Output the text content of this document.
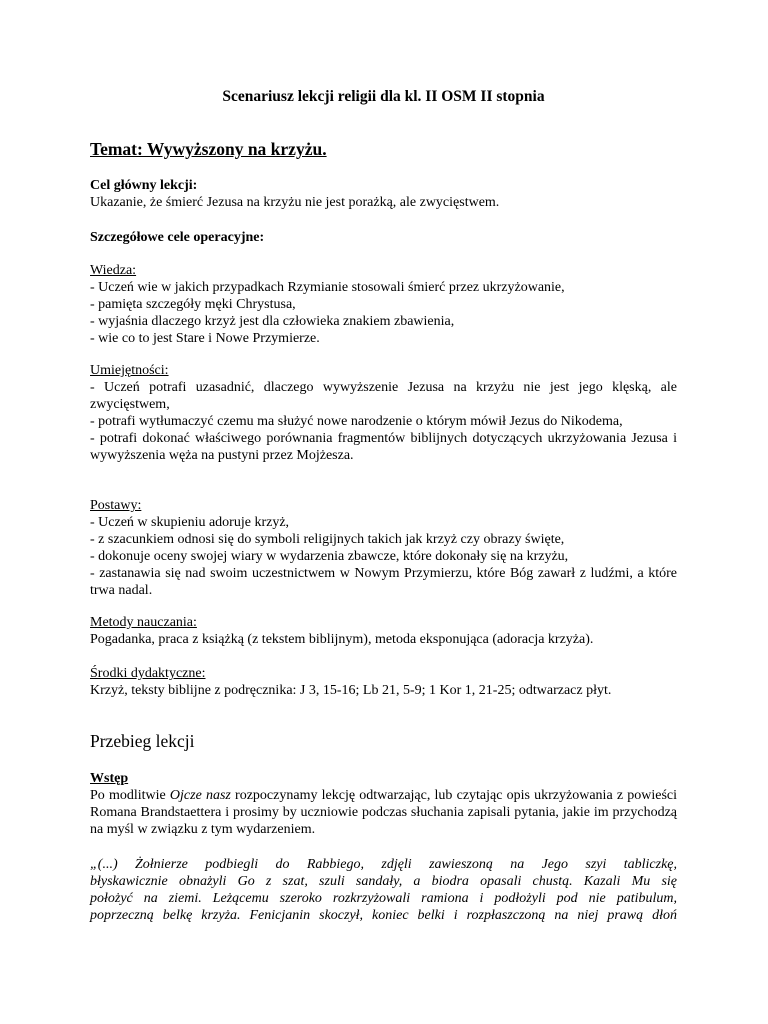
Scenariusz lekcji religii dla kl. II OSM II stopnia
Temat: Wywyższony na krzyżu.
Cel główny lekcji:
Ukazanie, że śmierć Jezusa na krzyżu nie jest porażką, ale zwycięstwem.
Szczegółowe cele operacyjne:
Wiedza:
- Uczeń wie w jakich przypadkach Rzymianie stosowali śmierć przez ukrzyżowanie,
- pamięta szczegóły męki Chrystusa,
- wyjaśnia dlaczego krzyż jest dla człowieka znakiem zbawienia,
- wie co to jest Stare i Nowe Przymierze.
Umiejętności:
- Uczeń potrafi uzasadnić, dlaczego wywyższenie Jezusa na krzyżu nie jest jego klęską, ale zwycięstwem,
- potrafi wytłumaczyć czemu ma służyć nowe narodzenie o którym mówił Jezus do Nikodema,
- potrafi dokonać właściwego porównania fragmentów biblijnych dotyczących ukrzyżowania Jezusa i wywyższenia węża na pustyni przez Mojżesza.
Postawy:
- Uczeń w skupieniu adoruje krzyż,
- z szacunkiem odnosi się do symboli religijnych takich jak krzyż czy obrazy święte,
- dokonuje oceny swojej wiary w wydarzenia zbawcze, które dokonały się na krzyżu,
- zastanawia się nad swoim uczestnictwem w Nowym Przymierzu, które Bóg zawarł z ludźmi, a które trwa nadal.
Metody nauczania:
Pogadanka, praca z książką (z tekstem biblijnym), metoda eksponująca (adoracja krzyża).
Środki dydaktyczne:
Krzyż, teksty biblijne z podręcznika: J 3, 15-16; Lb 21, 5-9; 1 Kor 1, 21-25; odtwarzacz płyt.
Przebieg lekcji
Wstęp
Po modlitwie Ojcze nasz rozpoczynamy lekcję odtwarzając, lub czytając opis ukrzyżowania z powieści Romana Brandstaettera i prosimy by uczniowie podczas słuchania zapisali pytania, jakie im przychodzą na myśl w związku z tym wydarzeniem.
„(...) Żołnierze podbiegli do Rabbiego, zdjęli zawieszoną na Jego szyi tabliczkę,
błyskawicznie obnażyli Go z szat, szuli sandały, a biodra opasali chustą. Kazali Mu się
położyć na ziemi. Leżącemu szeroko rozkrzyżowali ramiona i podłożyli pod nie patibulum,
poprzeczną belkę krzyża. Fenicjanin skoczył, koniec belki i rozpłaszczoną na niej prawą dłoń
